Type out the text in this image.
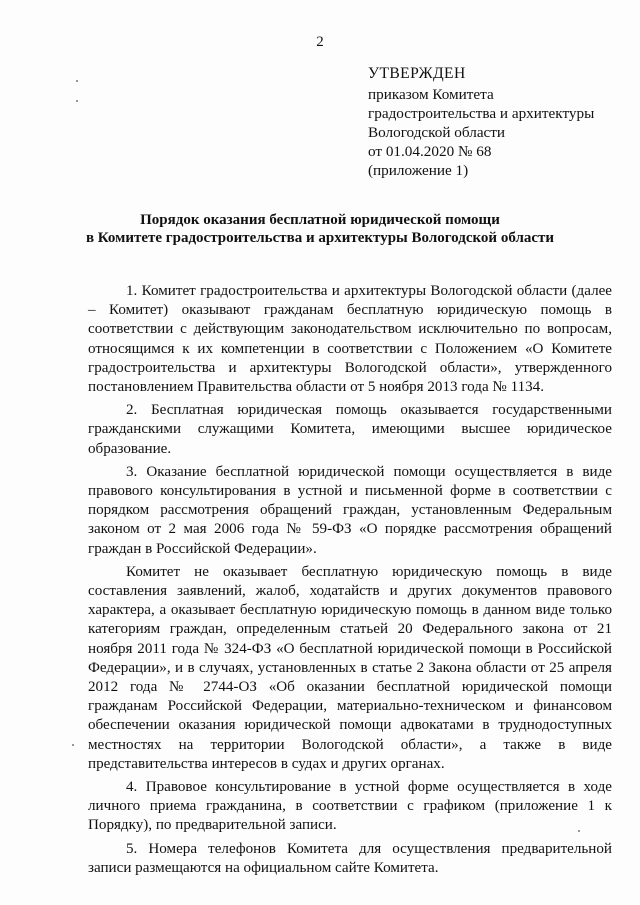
2
УТВЕРЖДЕН
приказом Комитета
градостроительства и архитектуры
Вологодской области
от 01.04.2020 № 68
(приложение 1)
Порядок оказания бесплатной юридической помощи
в Комитете градостроительства и архитектуры Вологодской области

1. Комитет градостроительства и архитектуры Вологодской области (далее – Комитет) оказывают гражданам бесплатную юридическую помощь в соответствии с действующим законодательством исключительно по вопросам, относящимся к их компетенции в соответствии с Положением «О Комитете градостроительства и архитектуры Вологодской области», утвержденного постановлением Правительства области от 5 ноября 2013 года № 1134.

2. Бесплатная юридическая помощь оказывается государственными гражданскими служащими Комитета, имеющими высшее юридическое образование.

3. Оказание бесплатной юридической помощи осуществляется в виде правового консультирования в устной и письменной форме в соответствии с порядком рассмотрения обращений граждан, установленным Федеральным законом от 2 мая 2006 года № 59-ФЗ «О порядке рассмотрения обращений граждан в Российской Федерации».

Комитет не оказывает бесплатную юридическую помощь в виде составления заявлений, жалоб, ходатайств и других документов правового характера, а оказывает бесплатную юридическую помощь в данном виде только категориям граждан, определенным статьей 20 Федерального закона от 21 ноября 2011 года № 324-ФЗ «О бесплатной юридической помощи в Российской Федерации», и в случаях, установленных в статье 2 Закона области от 25 апреля 2012 года № 2744-ОЗ «Об оказании бесплатной юридической помощи гражданам Российской Федерации, материально-техническом и финансовом обеспечении оказания юридической помощи адвокатами в труднодоступных местностях на территории Вологодской области», а также в виде представительства интересов в судах и других органах.

4. Правовое консультирование в устной форме осуществляется в ходе личного приема гражданина, в соответствии с графиком (приложение 1 к Порядку), по предварительной записи.

5. Номера телефонов Комитета для осуществления предварительной записи размещаются на официальном сайте Комитета.
